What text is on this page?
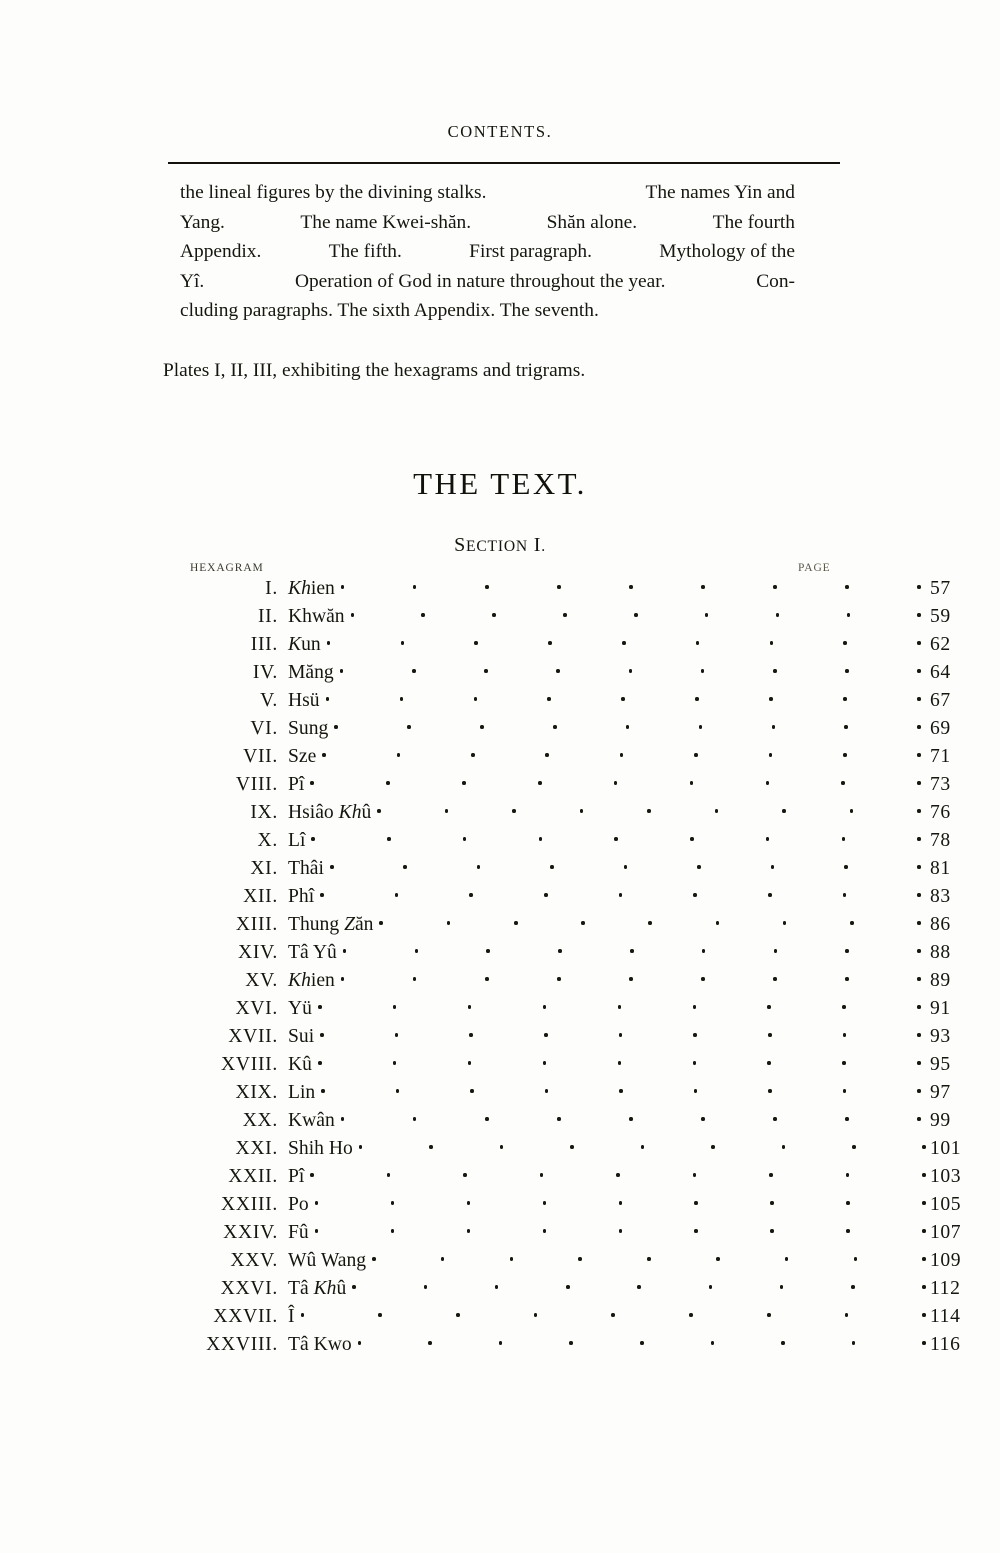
CONTENTS.
the lineal figures by the divining stalks.	The names Yin and
Yang.	The name Kwei-shăn.	Shăn alone.	The fourth
Appendix.	The fifth.	First paragraph.	Mythology of the
Yî.	Operation of God in nature throughout the year.	Con-
cluding paragraphs. The sixth Appendix. The seventh.
Plates I, II, III, exhibiting the hexagrams and trigrams.
THE TEXT.
SECTION I.
HEXAGRAM	PAGE
I. Khien	57
II. Khwăn	59
III. Kun	62
IV. Măng	64
V. Hsü	67
VI. Sung	69
VII. Sze	71
VIII. Pî	73
IX. Hsiâo Khû	76
X. Lî	78
XI. Thâi	81
XII. Phî	83
XIII. Thung Zăn	86
XIV. Tâ Yû	88
XV. Khien	89
XVI. Yü	91
XVII. Sui	93
XVIII. Kû	95
XIX. Lin	97
XX. Kwân	99
XXI. Shih Ho	101
XXII. Pî	103
XXIII. Po	105
XXIV. Fû	107
XXV. Wû Wang	109
XXVI. Tâ Khû	112
XXVII. Î	114
XXVIII. Tâ Kwo	116
